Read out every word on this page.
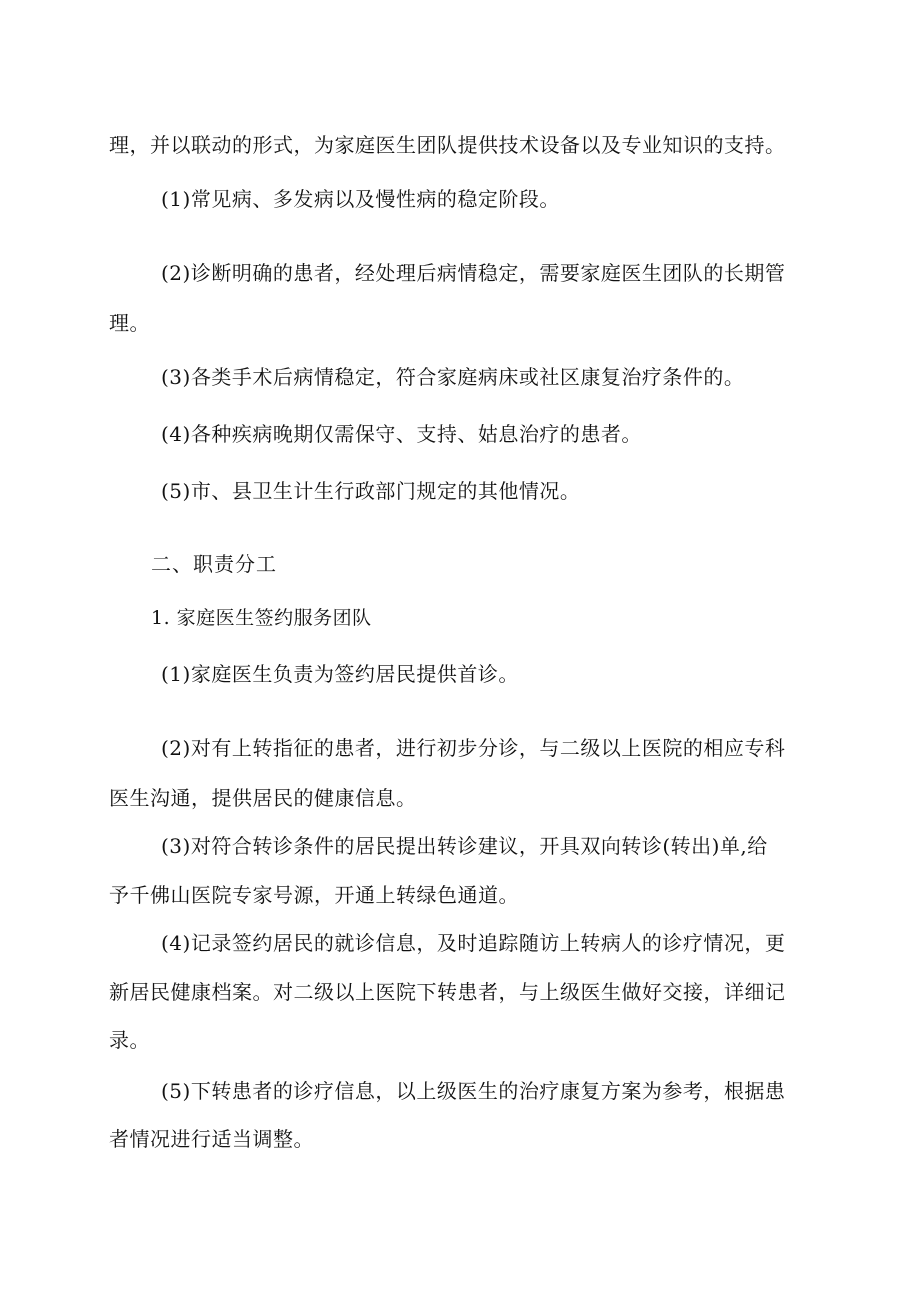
理，并以联动的形式，为家庭医生团队提供技术设备以及专业知识的支持。
(1)常见病、多发病以及慢性病的稳定阶段。
(2)诊断明确的患者，经处理后病情稳定，需要家庭医生团队的长期管
理。
(3)各类手术后病情稳定，符合家庭病床或社区康复治疗条件的。
(4)各种疾病晚期仅需保守、支持、姑息治疗的患者。
(5)市、县卫生计生行政部门规定的其他情况。
二、职责分工
1. 家庭医生签约服务团队
(1)家庭医生负责为签约居民提供首诊。
(2)对有上转指征的患者，进行初步分诊，与二级以上医院的相应专科
医生沟通，提供居民的健康信息。
(3)对符合转诊条件的居民提出转诊建议，开具双向转诊(转出)单,给
予千佛山医院专家号源，开通上转绿色通道。
(4)记录签约居民的就诊信息，及时追踪随访上转病人的诊疗情况，更
新居民健康档案。对二级以上医院下转患者，与上级医生做好交接，详细记
录。
(5)下转患者的诊疗信息，以上级医生的治疗康复方案为参考，根据患
者情况进行适当调整。
